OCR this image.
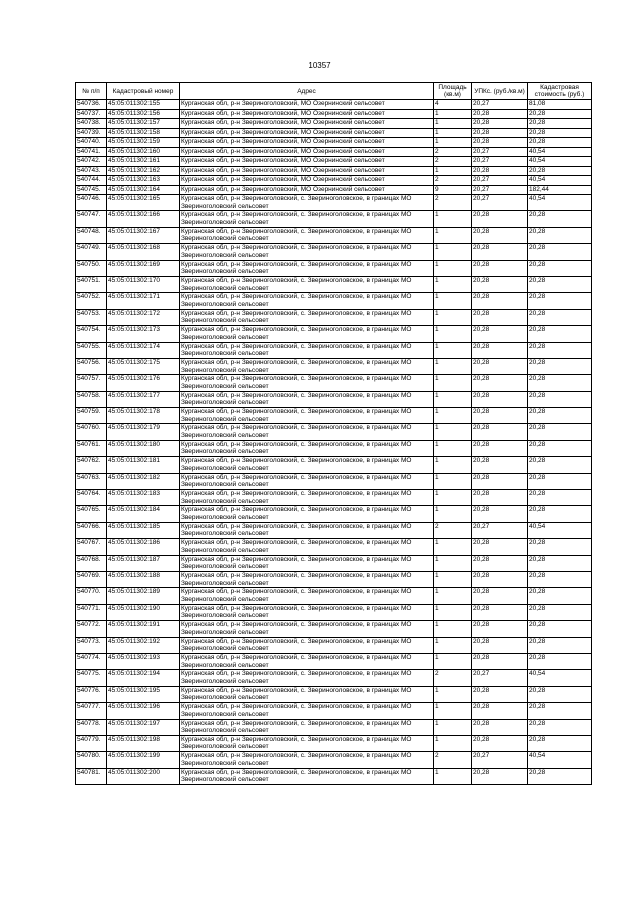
10357
№ п/п	Кадастровый номер	Адрес	Площадь (кв.м)	УПКс. (руб./кв.м)	Кадастровая стоимость (руб.)
540736.	45:05:011302:155	Курганская обл, р-н Звериноголовский, МО Озернинский сельсовет	4	20,27	81,08
540737.	45:05:011302:156	Курганская обл, р-н Звериноголовский, МО Озернинский сельсовет	1	20,28	20,28
540738.	45:05:011302:157	Курганская обл, р-н Звериноголовский, МО Озернинский сельсовет	1	20,28	20,28
540739.	45:05:011302:158	Курганская обл, р-н Звериноголовский, МО Озернинский сельсовет	1	20,28	20,28
540740.	45:05:011302:159	Курганская обл, р-н Звериноголовский, МО Озернинский сельсовет	1	20,28	20,28
540741.	45:05:011302:160	Курганская обл, р-н Звериноголовский, МО Озернинский сельсовет	2	20,27	40,54
540742.	45:05:011302:161	Курганская обл, р-н Звериноголовский, МО Озернинский сельсовет	2	20,27	40,54
540743.	45:05:011302:162	Курганская обл, р-н Звериноголовский, МО Озернинский сельсовет	1	20,28	20,28
540744.	45:05:011302:163	Курганская обл, р-н Звериноголовский, МО Озернинский сельсовет	2	20,27	40,54
540745.	45:05:011302:164	Курганская обл, р-н Звериноголовский, МО Озернинский сельсовет	9	20,27	182,44
540746.	45:05:011302:165	Курганская обл, р-н Звериноголовский, с. Звериноголовское, в границах МО Звериноголовский сельсовет	2	20,27	40,54
540747.	45:05:011302:166	Курганская обл, р-н Звериноголовский, с. Звериноголовское, в границах МО Звериноголовский сельсовет	1	20,28	20,28
540748.	45:05:011302:167	Курганская обл, р-н Звериноголовский, с. Звериноголовское, в границах МО Звериноголовский сельсовет	1	20,28	20,28
540749.	45:05:011302:168	Курганская обл, р-н Звериноголовский, с. Звериноголовское, в границах МО Звериноголовский сельсовет	1	20,28	20,28
540750.	45:05:011302:169	Курганская обл, р-н Звериноголовский, с. Звериноголовское, в границах МО Звериноголовский сельсовет	1	20,28	20,28
540751.	45:05:011302:170	Курганская обл, р-н Звериноголовский, с. Звериноголовское, в границах МО Звериноголовский сельсовет	1	20,28	20,28
540752.	45:05:011302:171	Курганская обл, р-н Звериноголовский, с. Звериноголовское, в границах МО Звериноголовский сельсовет	1	20,28	20,28
540753.	45:05:011302:172	Курганская обл, р-н Звериноголовский, с. Звериноголовское, в границах МО Звериноголовский сельсовет	1	20,28	20,28
540754.	45:05:011302:173	Курганская обл, р-н Звериноголовский, с. Звериноголовское, в границах МО Звериноголовский сельсовет	1	20,28	20,28
540755.	45:05:011302:174	Курганская обл, р-н Звериноголовский, с. Звериноголовское, в границах МО Звериноголовский сельсовет	1	20,28	20,28
540756.	45:05:011302:175	Курганская обл, р-н Звериноголовский, с. Звериноголовское, в границах МО Звериноголовский сельсовет	1	20,28	20,28
540757.	45:05:011302:176	Курганская обл, р-н Звериноголовский, с. Звериноголовское, в границах МО Звериноголовский сельсовет	1	20,28	20,28
540758.	45:05:011302:177	Курганская обл, р-н Звериноголовский, с. Звериноголовское, в границах МО Звериноголовский сельсовет	1	20,28	20,28
540759.	45:05:011302:178	Курганская обл, р-н Звериноголовский, с. Звериноголовское, в границах МО Звериноголовский сельсовет	1	20,28	20,28
540760.	45:05:011302:179	Курганская обл, р-н Звериноголовский, с. Звериноголовское, в границах МО Звериноголовский сельсовет	1	20,28	20,28
540761.	45:05:011302:180	Курганская обл, р-н Звериноголовский, с. Звериноголовское, в границах МО Звериноголовский сельсовет	1	20,28	20,28
540762.	45:05:011302:181	Курганская обл, р-н Звериноголовский, с. Звериноголовское, в границах МО Звериноголовский сельсовет	1	20,28	20,28
540763.	45:05:011302:182	Курганская обл, р-н Звериноголовский, с. Звериноголовское, в границах МО Звериноголовский сельсовет	1	20,28	20,28
540764.	45:05:011302:183	Курганская обл, р-н Звериноголовский, с. Звериноголовское, в границах МО Звериноголовский сельсовет	1	20,28	20,28
540765.	45:05:011302:184	Курганская обл, р-н Звериноголовский, с. Звериноголовское, в границах МО Звериноголовский сельсовет	1	20,28	20,28
540766.	45:05:011302:185	Курганская обл, р-н Звериноголовский, с. Звериноголовское, в границах МО Звериноголовский сельсовет	2	20,27	40,54
540767.	45:05:011302:186	Курганская обл, р-н Звериноголовский, с. Звериноголовское, в границах МО Звериноголовский сельсовет	1	20,28	20,28
540768.	45:05:011302:187	Курганская обл, р-н Звериноголовский, с. Звериноголовское, в границах МО Звериноголовский сельсовет	1	20,28	20,28
540769.	45:05:011302:188	Курганская обл, р-н Звериноголовский, с. Звериноголовское, в границах МО Звериноголовский сельсовет	1	20,28	20,28
540770.	45:05:011302:189	Курганская обл, р-н Звериноголовский, с. Звериноголовское, в границах МО Звериноголовский сельсовет	1	20,28	20,28
540771.	45:05:011302:190	Курганская обл, р-н Звериноголовский, с. Звериноголовское, в границах МО Звериноголовский сельсовет	1	20,28	20,28
540772.	45:05:011302:191	Курганская обл, р-н Звериноголовский, с. Звериноголовское, в границах МО Звериноголовский сельсовет	1	20,28	20,28
540773.	45:05:011302:192	Курганская обл, р-н Звериноголовский, с. Звериноголовское, в границах МО Звериноголовский сельсовет	1	20,28	20,28
540774.	45:05:011302:193	Курганская обл, р-н Звериноголовский, с. Звериноголовское, в границах МО Звериноголовский сельсовет	1	20,28	20,28
540775.	45:05:011302:194	Курганская обл, р-н Звериноголовский, с. Звериноголовское, в границах МО Звериноголовский сельсовет	2	20,27	40,54
540776.	45:05:011302:195	Курганская обл, р-н Звериноголовский, с. Звериноголовское, в границах МО Звериноголовский сельсовет	1	20,28	20,28
540777.	45:05:011302:196	Курганская обл, р-н Звериноголовский, с. Звериноголовское, в границах МО Звериноголовский сельсовет	1	20,28	20,28
540778.	45:05:011302:197	Курганская обл, р-н Звериноголовский, с. Звериноголовское, в границах МО Звериноголовский сельсовет	1	20,28	20,28
540779.	45:05:011302:198	Курганская обл, р-н Звериноголовский, с. Звериноголовское, в границах МО Звериноголовский сельсовет	1	20,28	20,28
540780.	45:05:011302:199	Курганская обл, р-н Звериноголовский, с. Звериноголовское, в границах МО Звериноголовский сельсовет	2	20,27	40,54
540781.	45:05:011302:200	Курганская обл, р-н Звериноголовский, с. Звериноголовское, в границах МО Звериноголовский сельсовет	1	20,28	20,28
